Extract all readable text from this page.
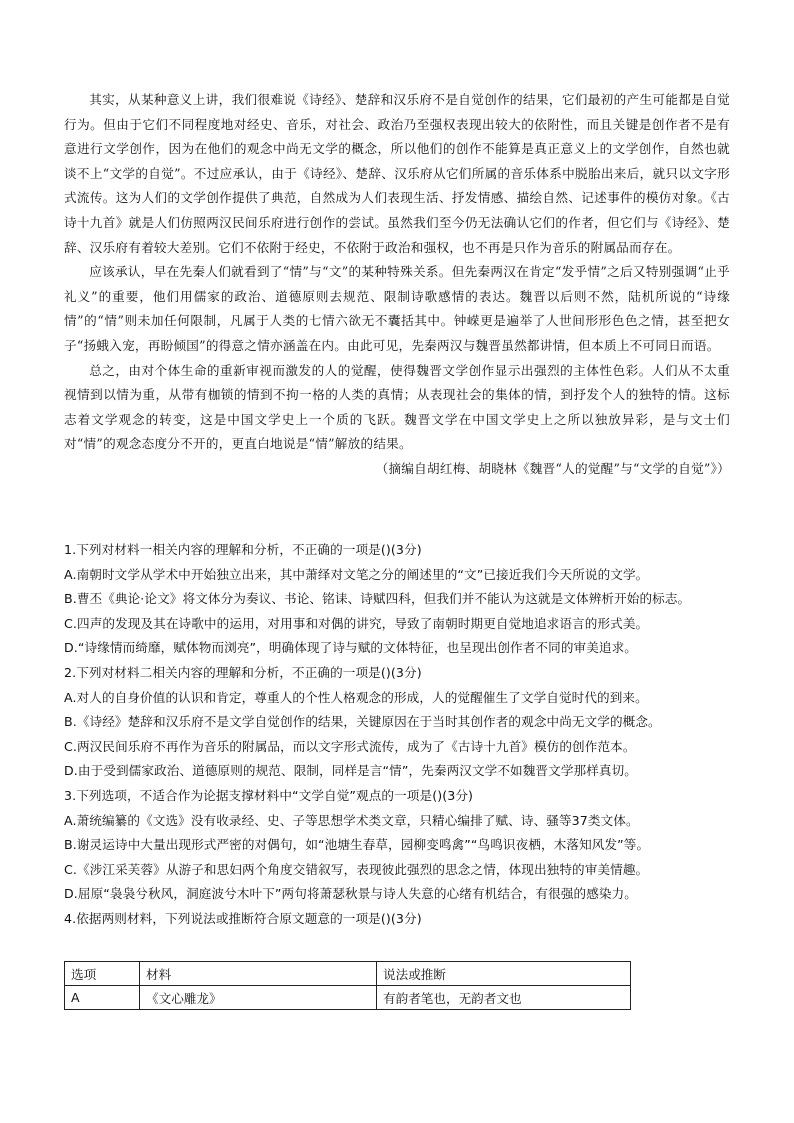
其实，从某种意义上讲，我们很难说《诗经》、楚辞和汉乐府不是自觉创作的结果，它们最初的产生可能都是自觉行为。但由于它们不同程度地对经史、音乐，对社会、政治乃至强权表现出较大的依附性，而且关键是创作者不是有意进行文学创作，因为在他们的观念中尚无文学的概念，所以他们的创作不能算是真正意义上的文学创作，自然也就谈不上“文学的自觉”。不过应承认，由于《诗经》、楚辞、汉乐府从它们所属的音乐体系中脱胎出来后，就只以文字形式流传。这为人们的文学创作提供了典范，自然成为人们表现生活、抒发情感、描绘自然、记述事件的模仿对象。《古诗十九首》就是人们仿照两汉民间乐府进行创作的尝试。虽然我们至今仍无法确认它们的作者，但它们与《诗经》、楚辞、汉乐府有着较大差别。它们不依附于经史，不依附于政治和强权，也不再是只作为音乐的附属品而存在。

应该承认，早在先秦人们就看到了“情”与“文”的某种特殊关系。但先秦两汉在肯定“发乎情”之后又特别强调“止乎礼义”的重要，他们用儒家的政治、道德原则去规范、限制诗歌感情的表达。魏晋以后则不然，陆机所说的“诗缘情”的“情”则未加任何限制，凡属于人类的七情六欲无不囊括其中。钟嵘更是遍举了人世间形形色色之情，甚至把女子“扬蛾入宠，再盼倾国”的得意之情亦涵盖在内。由此可见，先秦两汉与魏晋虽然都讲情，但本质上不可同日而语。

总之，由对个体生命的重新审视而激发的人的觉醒，使得魏晋文学创作显示出强烈的主体性色彩。人们从不太重视情到以情为重，从带有枷锁的情到不拘一格的人类的真情；从表现社会的集体的情，到抒发个人的独特的情。这标志着文学观念的转变，这是中国文学史上一个质的飞跃。魏晋文学在中国文学史上之所以独放异彩，是与文士们对“情”的观念态度分不开的，更直白地说是“情”解放的结果。

（摘编自胡红梅、胡晓林《魏晋“人的觉醒”与“文学的自觉”》）

1.下列对材料一相关内容的理解和分析，不正确的一项是()(3分)

A.南朝时文学从学术中开始独立出来，其中萧绎对文笔之分的阐述里的“文”已接近我们今天所说的文学。

B.曹丕《典论·论文》将文体分为奏议、书论、铭诔、诗赋四科，但我们并不能认为这就是文体辨析开始的标志。

C.四声的发现及其在诗歌中的运用，对用事和对偶的讲究，导致了南朝时期更自觉地追求语言的形式美。

D.“诗缘情而绮靡，赋体物而浏亮”，明确体现了诗与赋的文体特征，也呈现出创作者不同的审美追求。

2.下列对材料二相关内容的理解和分析，不正确的一项是()(3分)

A.对人的自身价值的认识和肯定，尊重人的个性人格观念的形成，人的觉醒催生了文学自觉时代的到来。

B.《诗经》楚辞和汉乐府不是文学自觉创作的结果，关键原因在于当时其创作者的观念中尚无文学的概念。

C.两汉民间乐府不再作为音乐的附属品，而以文字形式流传，成为了《古诗十九首》模仿的创作范本。

D.由于受到儒家政治、道德原则的规范、限制，同样是言“情”，先秦两汉文学不如魏晋文学那样真切。

3.下列选项，不适合作为论据支撑材料中“文学自觉”观点的一项是()(3分)

A.萧统编纂的《文选》没有收录经、史、子等思想学术类文章，只精心编排了赋、诗、骚等37类文体。

B.谢灵运诗中大量出现形式严密的对偶句，如“池塘生春草，园柳变鸣禽”“鸟鸣识夜栖，木落知风发”等。

C.《涉江采芙蓉》从游子和思妇两个角度交错叙写，表现彼此强烈的思念之情，体现出独特的审美情趣。

D.屈原“袅袅兮秋风，洞庭波兮木叶下”两句将萧瑟秋景与诗人失意的心绪有机结合，有很强的感染力。

4.依据两则材料，下列说法或推断符合原文题意的一项是()(3分)

选项	材料	说法或推断
A	《文心雕龙》	有韵者笔也，无韵者文也
